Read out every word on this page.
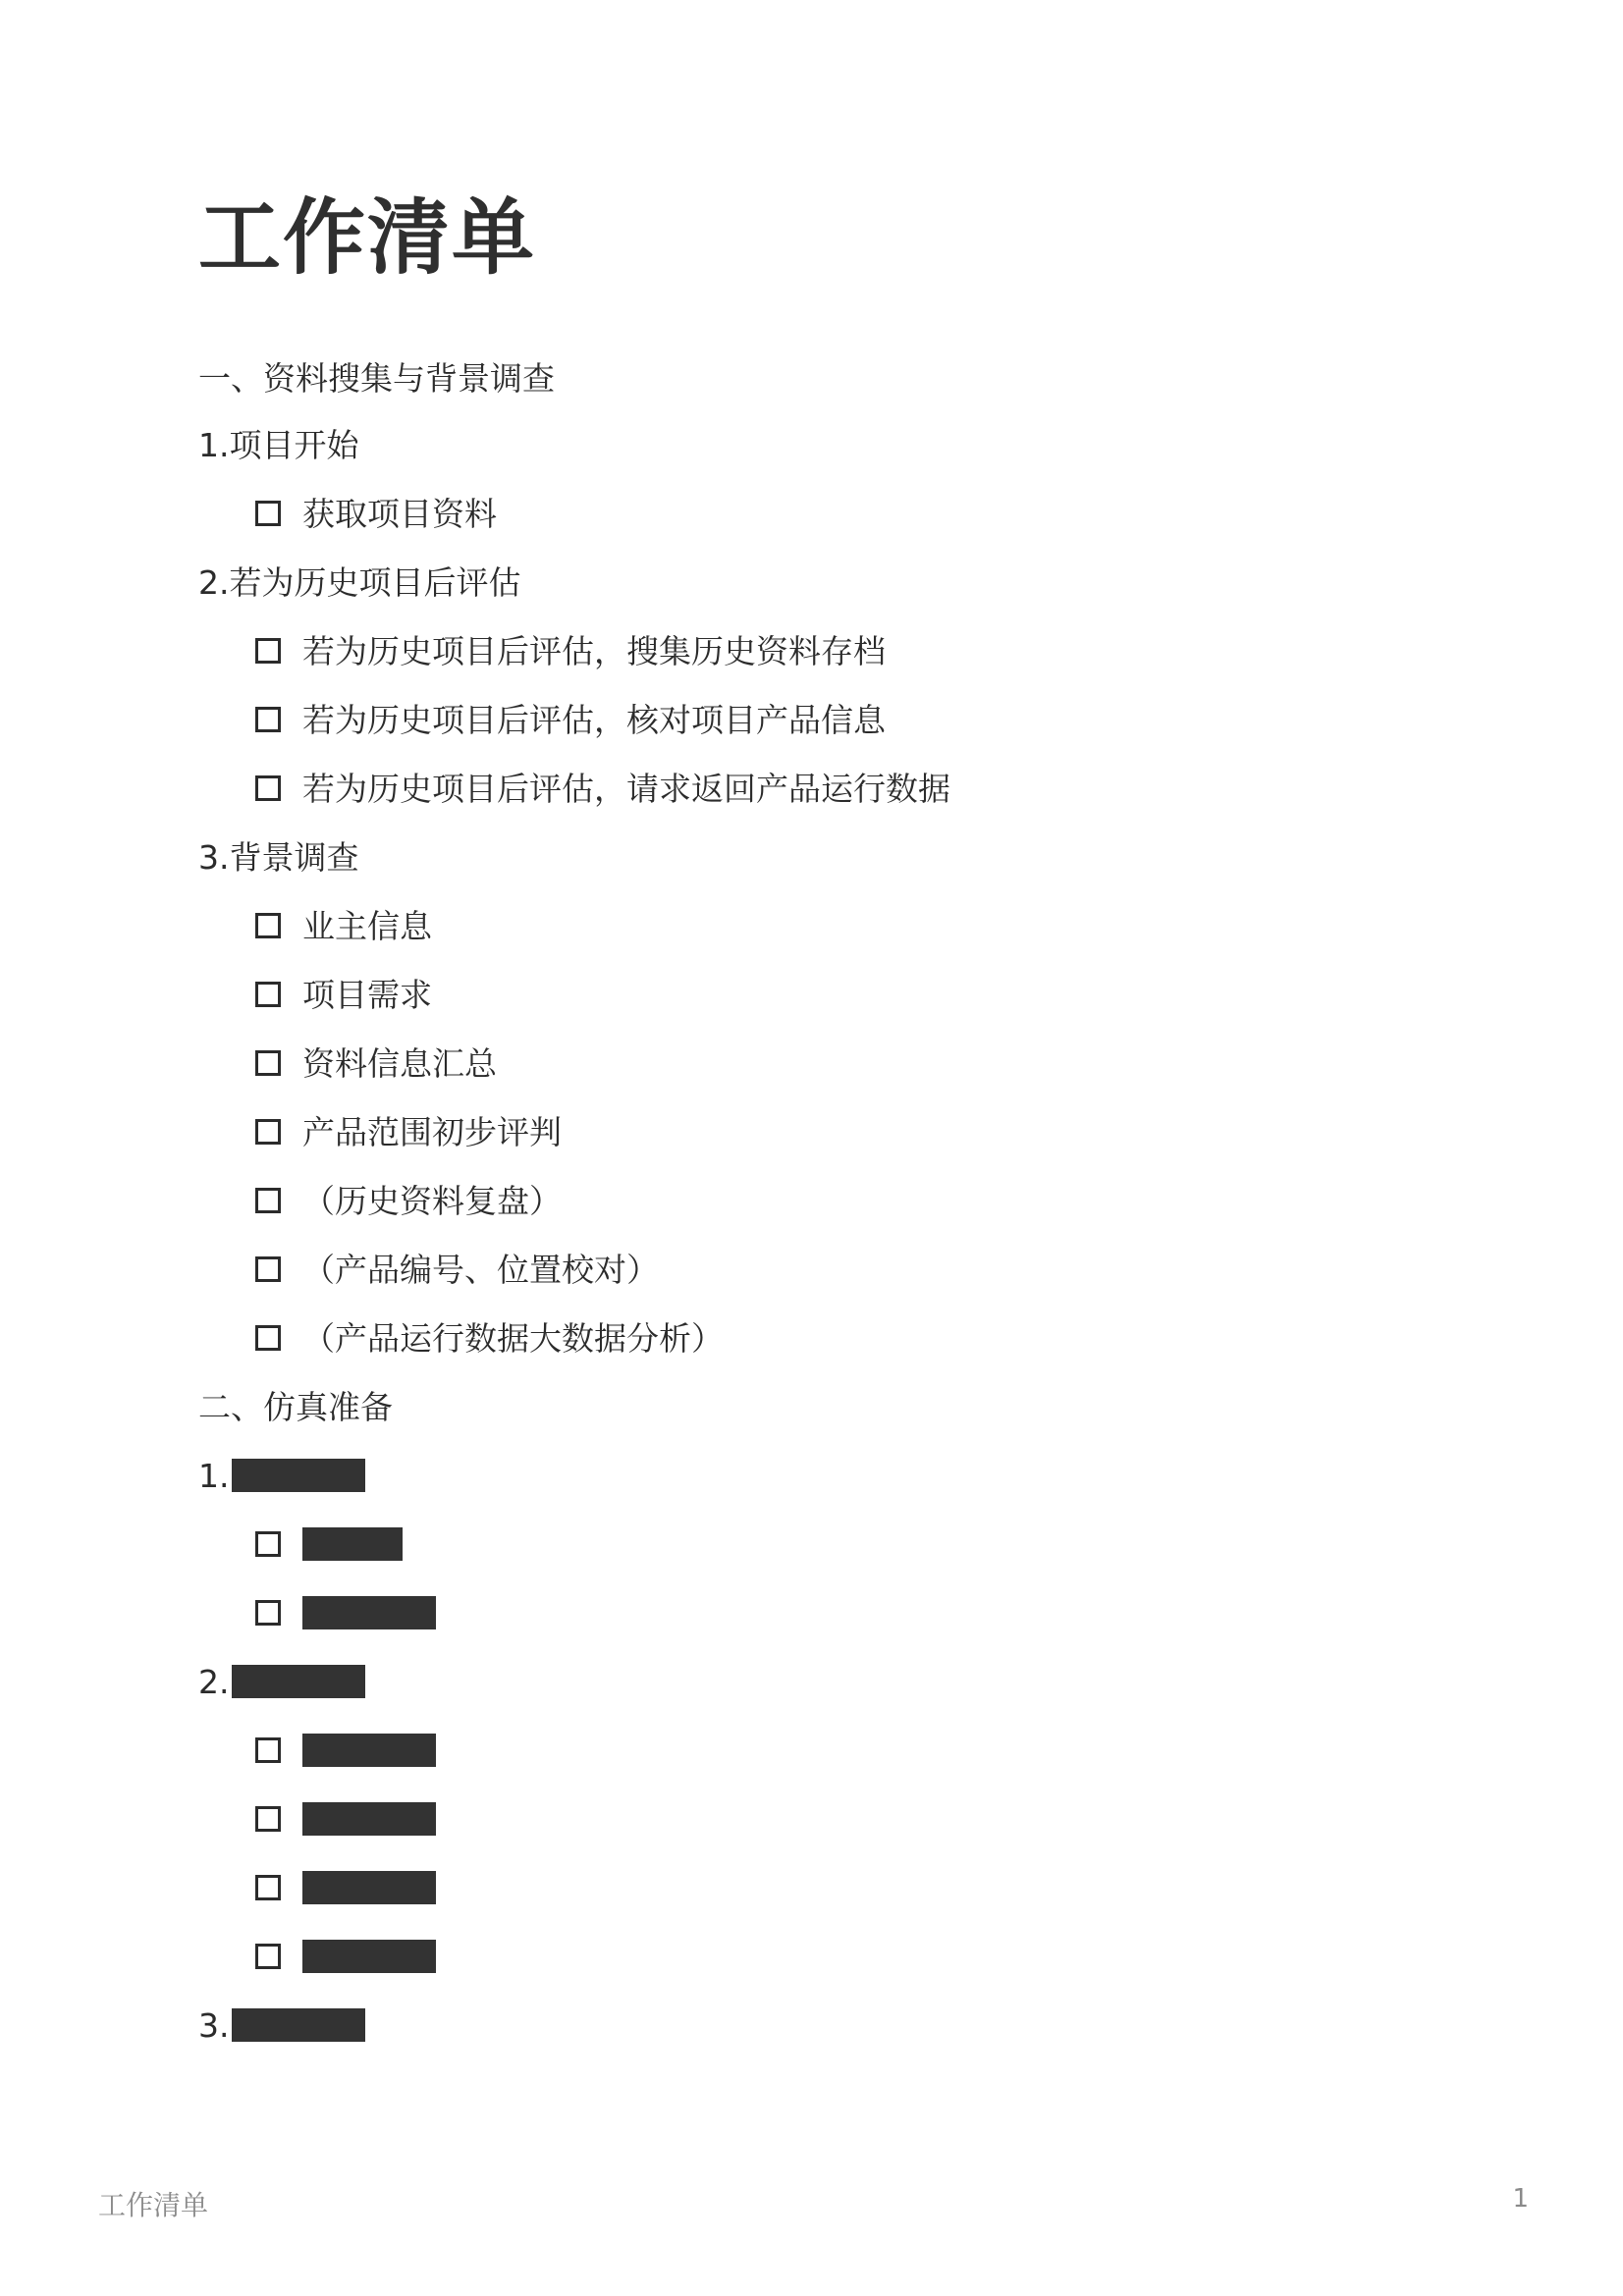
工作清单
一、资料搜集与背景调查
1.项目开始
获取项目资料
2.若为历史项目后评估
若为历史项目后评估，搜集历史资料存档
若为历史项目后评估，核对项目产品信息
若为历史项目后评估，请求返回产品运行数据
3.背景调查
业主信息
项目需求
资料信息汇总
产品范围初步评判
（历史资料复盘）
（产品编号、位置校对）
（产品运行数据大数据分析）
二、仿真准备
1.
2.
3.
工作清单	1
